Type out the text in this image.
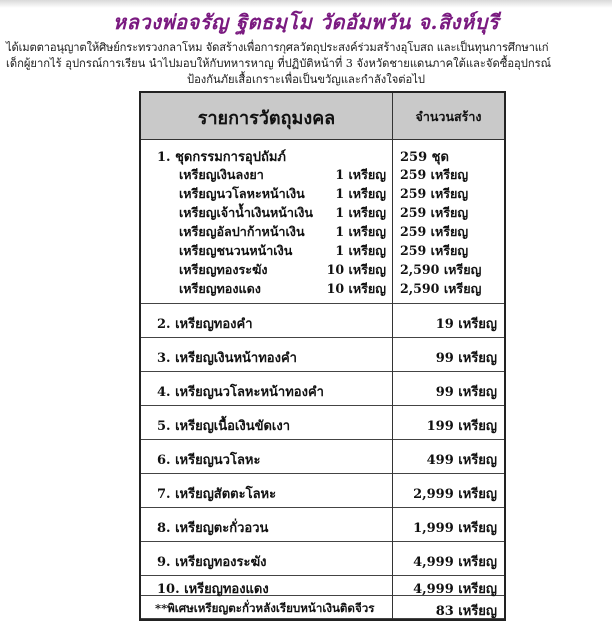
หลวงพ่อจรัญ ฐิตธมฺโม วัดอัมพวัน จ.สิงห์บุรี

ได้เมตตาอนุญาตให้ศิษย์กระทรวงกลาโหม จัดสร้างเพื่อการกุศลวัตถุประสงค์ร่วมสร้างอุโบสถ และเป็นทุนการศึกษาแก่

เด็กผู้ยากไร้ อุปกรณ์การเรียน นำไปมอบให้กับทหารหาญ ที่ปฏิบัติหน้าที่ 3 จังหวัดชายแดนภาคใต้และจัดซื้ออุปกรณ์

ป้องกันภัยเสื้อเกราะเพื่อเป็นขวัญและกำลังใจต่อไป

รายการวัตถุมงคล	จำนวนสร้าง
1. ชุดกรรมการอุปถัมภ์	259 ชุด
เหรียญเงินลงยา	1 เหรียญ 259 เหรียญ
เหรียญนวโลหะหน้าเงิน 1 เหรียญ 259 เหรียญ
เหรียญเจ้าน้ำเงินหน้าเงิน 1 เหรียญ 259 เหรียญ
เหรียญอัลปาก้าหน้าเงิน 1 เหรียญ 259 เหรียญ
เหรียญชนวนหน้าเงิน	1 เหรียญ 259 เหรียญ
เหรียญทองระฆัง	10 เหรียญ 2,590 เหรียญ
เหรียญทองแดง	10 เหรียญ 2,590 เหรียญ
2. เหรียญทองคำ	19 เหรียญ
3. เหรียญเงินหน้าทองคำ	99 เหรียญ
4. เหรียญนวโลหะหน้าทองคำ	99 เหรียญ
5. เหรียญเนื้อเงินขัดเงา	199 เหรียญ
6. เหรียญนวโลหะ	499 เหรียญ
7. เหรียญสัตตะโลหะ	2,999 เหรียญ
8. เหรียญตะกั่วอวน	1,999 เหรียญ
9. เหรียญทองระฆัง	4,999 เหรียญ
10. เหรียญทองแดง	4,999 เหรียญ
**พิเศษเหรียญตะกั่วหลังเรียบหน้าเงินติดจีวร	83 เหรียญ
